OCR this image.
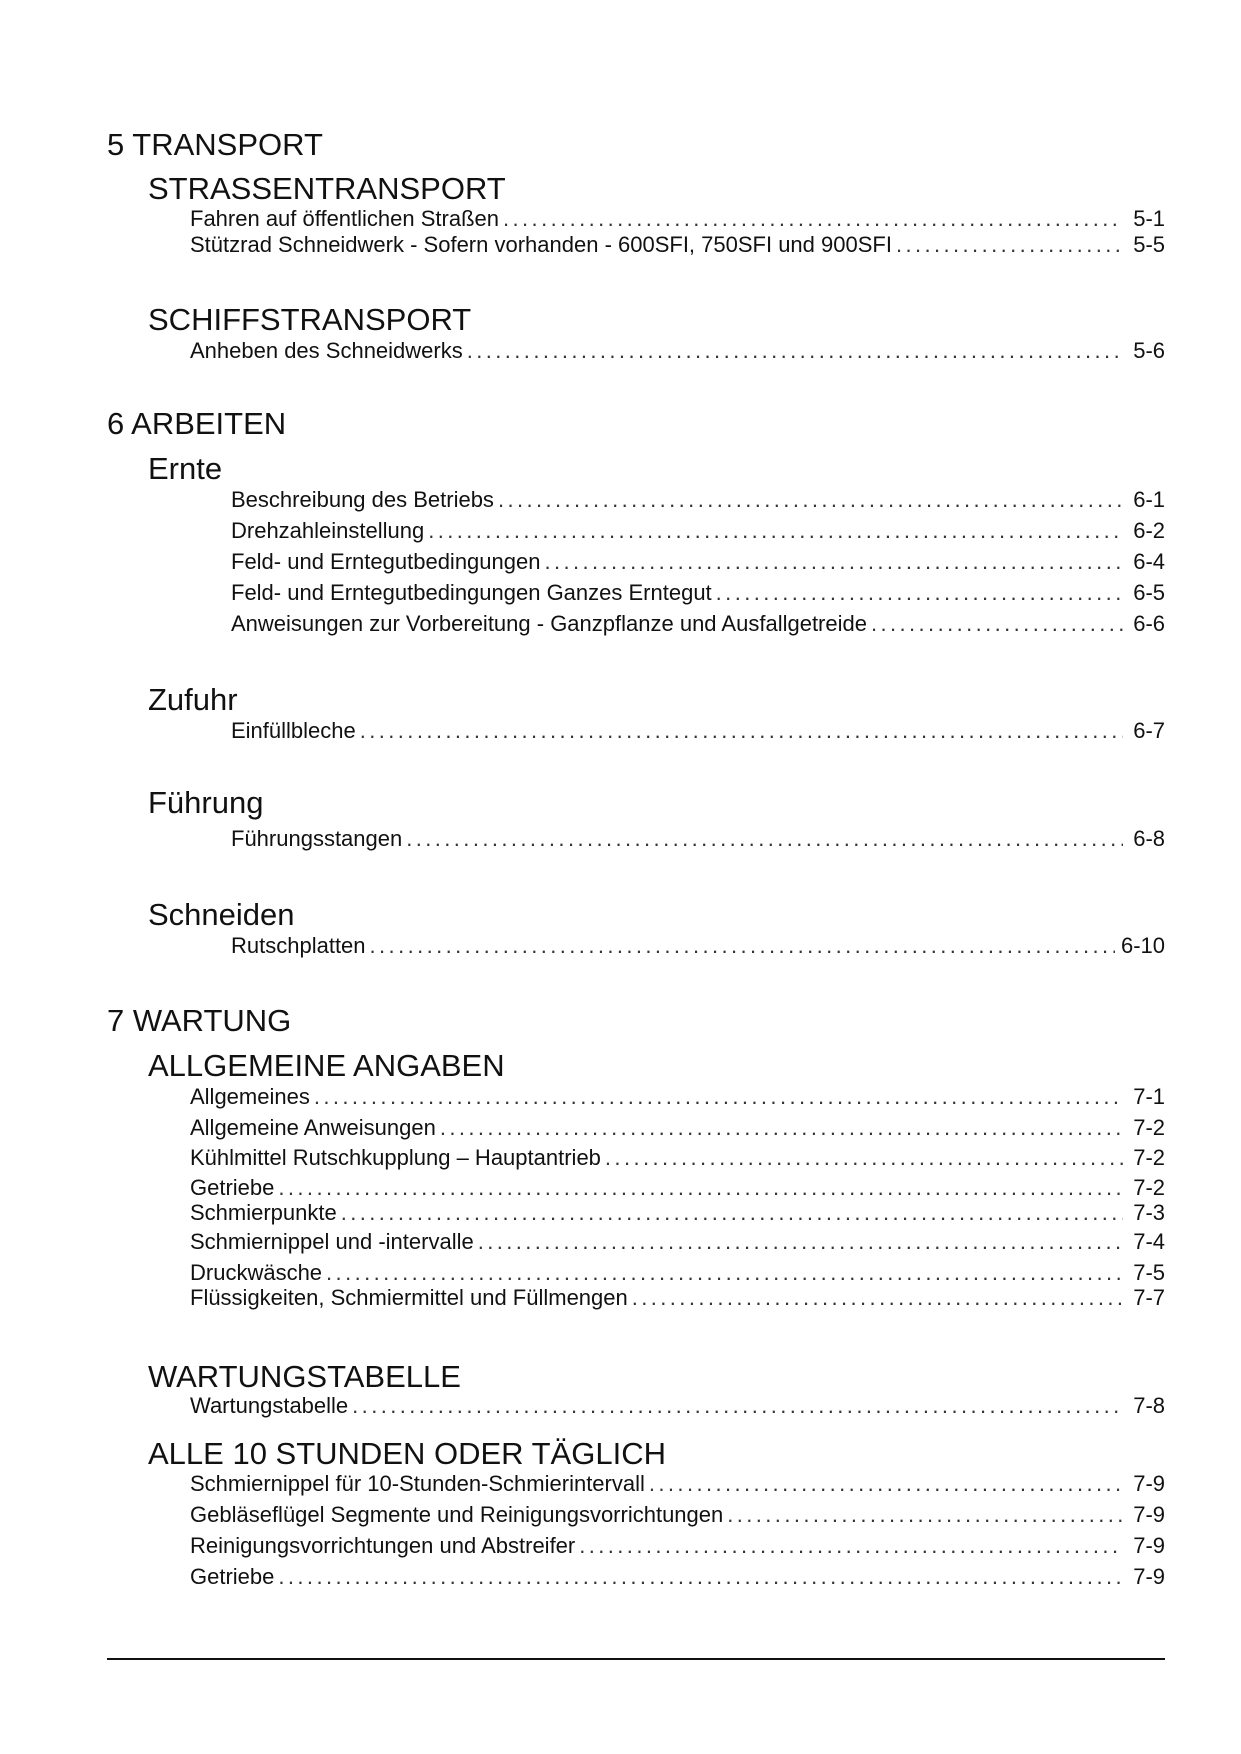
5 TRANSPORT
STRASSENTRANSPORT
Fahren auf öffentlichen Straßen .....	5-1
Stützrad Schneidwerk - Sofern vorhanden - 600SFI, 750SFI und 900SFI .....	5-5
SCHIFFSTRANSPORT
Anheben des Schneidwerks .....	5-6
6 ARBEITEN
Ernte
Beschreibung des Betriebs .....	6-1
Drehzahleinstellung .....	6-2
Feld- und Erntegutbedingungen .....	6-4
Feld- und Erntegutbedingungen Ganzes Erntegut .....	6-5
Anweisungen zur Vorbereitung - Ganzpflanze und Ausfallgetreide .....	6-6
Zufuhr
Einfüllbleche .....	6-7
Führung
Führungsstangen .....	6-8
Schneiden
Rutschplatten .....	6-10
7 WARTUNG
ALLGEMEINE ANGABEN
Allgemeines .....	7-1
Allgemeine Anweisungen .....	7-2
Kühlmittel Rutschkupplung – Hauptantrieb .....	7-2
Getriebe .....	7-2
Schmierpunkte .....	7-3
Schmiernippel und -intervalle .....	7-4
Druckwäsche .....	7-5
Flüssigkeiten, Schmiermittel und Füllmengen .....	7-7
WARTUNGSTABELLE
Wartungstabelle .....	7-8
ALLE 10 STUNDEN ODER TÄGLICH
Schmiernippel für 10-Stunden-Schmierintervall .....	7-9
Gebläseflügel Segmente und Reinigungsvorrichtungen .....	7-9
Reinigungsvorrichtungen und Abstreifer .....	7-9
Getriebe .....	7-9
